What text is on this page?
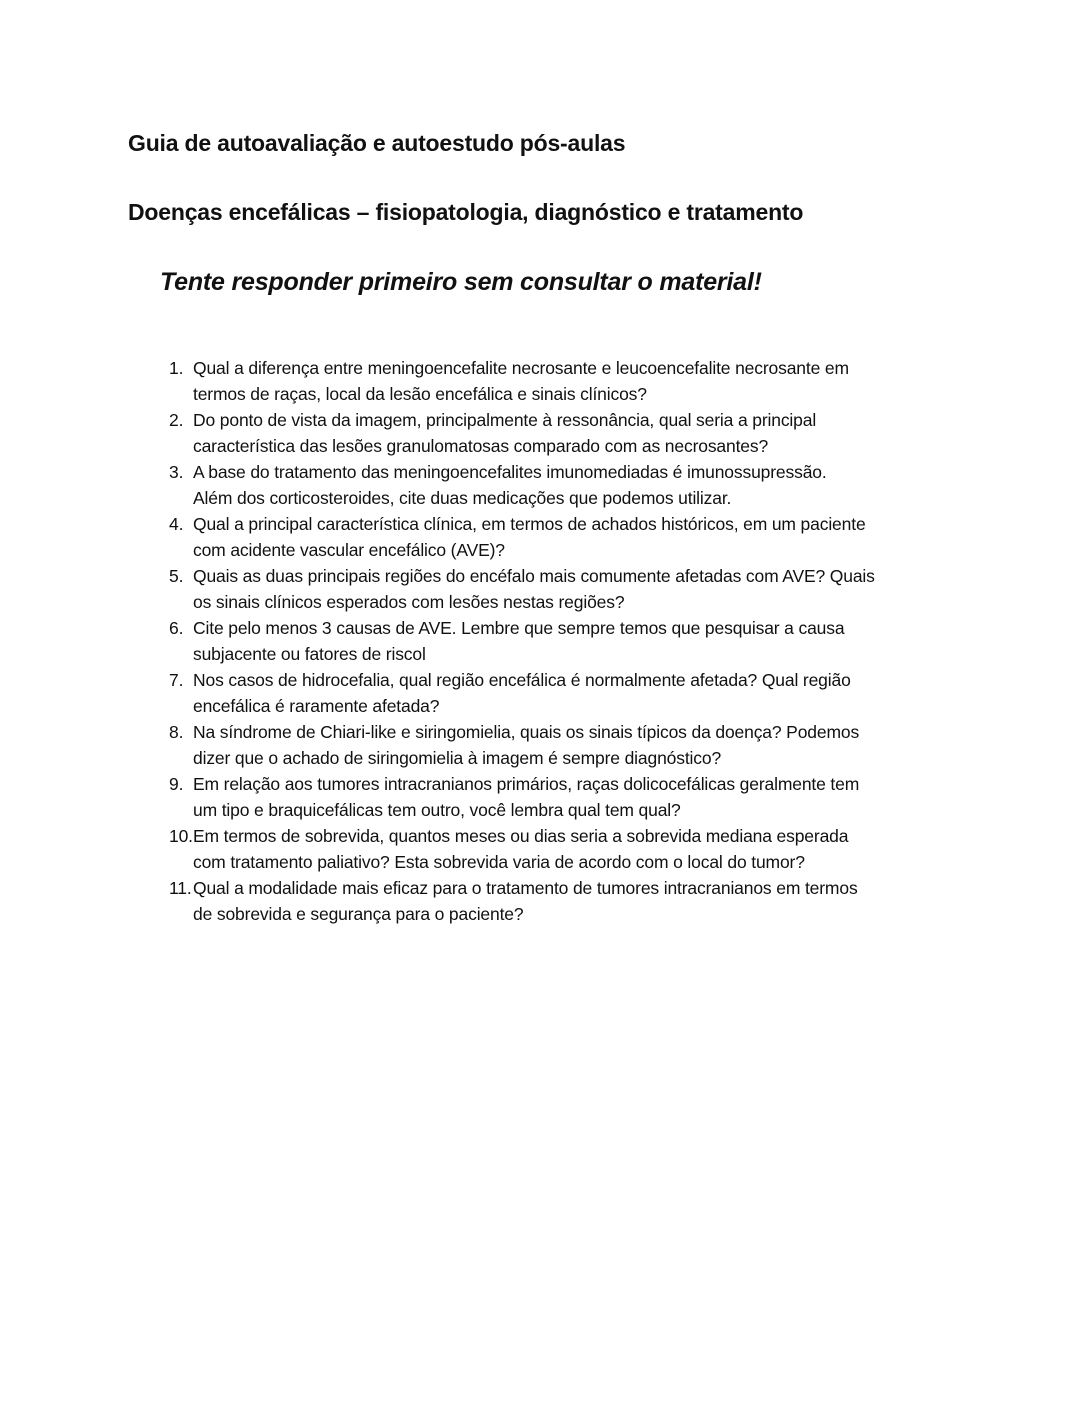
Guia de autoavaliação e autoestudo pós-aulas
Doenças encefálicas – fisiopatologia, diagnóstico e tratamento
Tente responder primeiro sem consultar o material!
1. Qual a diferença entre meningoencefalite necrosante e leucoencefalite necrosante em
termos de raças, local da lesão encefálica e sinais clínicos?
2. Do ponto de vista da imagem, principalmente à ressonância, qual seria a principal
característica das lesões granulomatosas comparado com as necrosantes?
3. A base do tratamento das meningoencefalites imunomediadas é imunossupressão.
Além dos corticosteroides, cite duas medicações que podemos utilizar.
4. Qual a principal característica clínica, em termos de achados históricos, em um paciente
com acidente vascular encefálico (AVE)?
5. Quais as duas principais regiões do encéfalo mais comumente afetadas com AVE? Quais
os sinais clínicos esperados com lesões nestas regiões?
6. Cite pelo menos 3 causas de AVE. Lembre que sempre temos que pesquisar a causa
subjacente ou fatores de riscol
7. Nos casos de hidrocefalia, qual região encefálica é normalmente afetada? Qual região
encefálica é raramente afetada?
8. Na síndrome de Chiari-like e siringomielia, quais os sinais típicos da doença? Podemos
dizer que o achado de siringomielia à imagem é sempre diagnóstico?
9. Em relação aos tumores intracranianos primários, raças dolicocefálicas geralmente tem
um tipo e braquicefálicas tem outro, você lembra qual tem qual?
10. Em termos de sobrevida, quantos meses ou dias seria a sobrevida mediana esperada
com tratamento paliativo? Esta sobrevida varia de acordo com o local do tumor?
11. Qual a modalidade mais eficaz para o tratamento de tumores intracranianos em termos
de sobrevida e segurança para o paciente?
